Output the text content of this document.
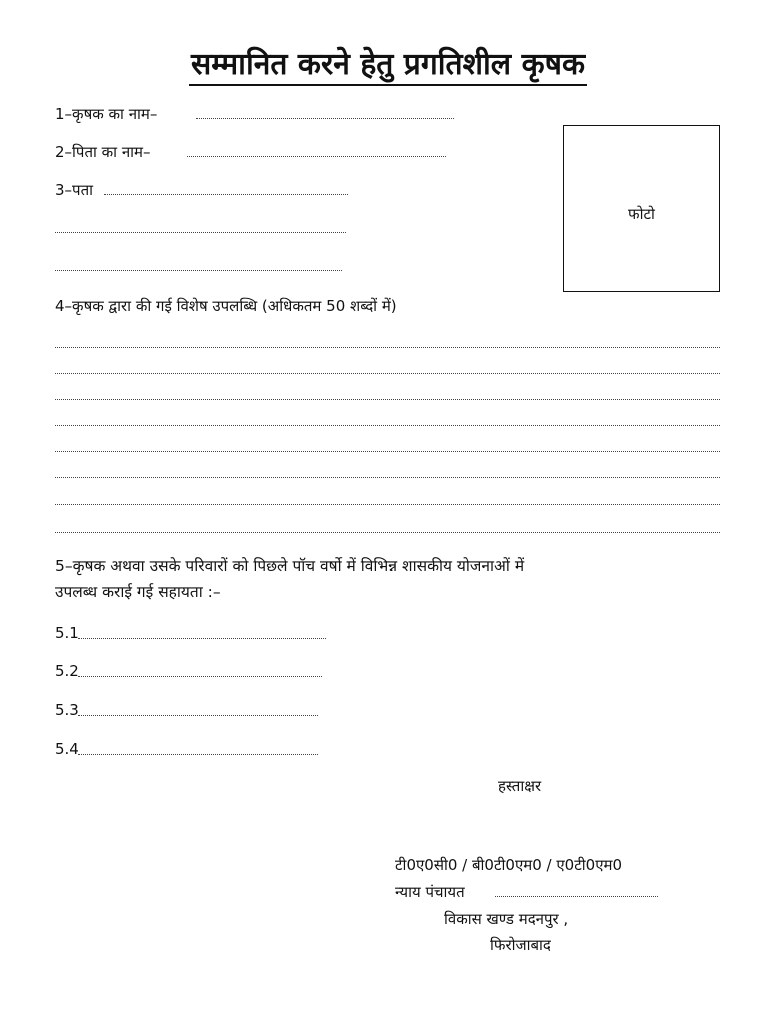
सम्मानित करने हेतु प्रगतिशील कृषक
1–कृषक का नाम–
2–पिता का नाम–
3–पता
फोटो
4–कृषक द्वारा की गई विशेष उपलब्धि (अधिकतम 50 शब्दों में)
5–कृषक अथवा उसके परिवारों को पिछले पॉच वर्षो में विभिन्न शासकीय योजनाओं में
उपलब्ध कराई गई सहायता :–
5.1
5.2
5.3
5.4
हस्ताक्षर
टी0ए0सी0 / बी0टी0एम0 / ए0टी0एम0
न्याय पंचायत
विकास खण्ड मदनपुर ,
फिरोजाबाद
